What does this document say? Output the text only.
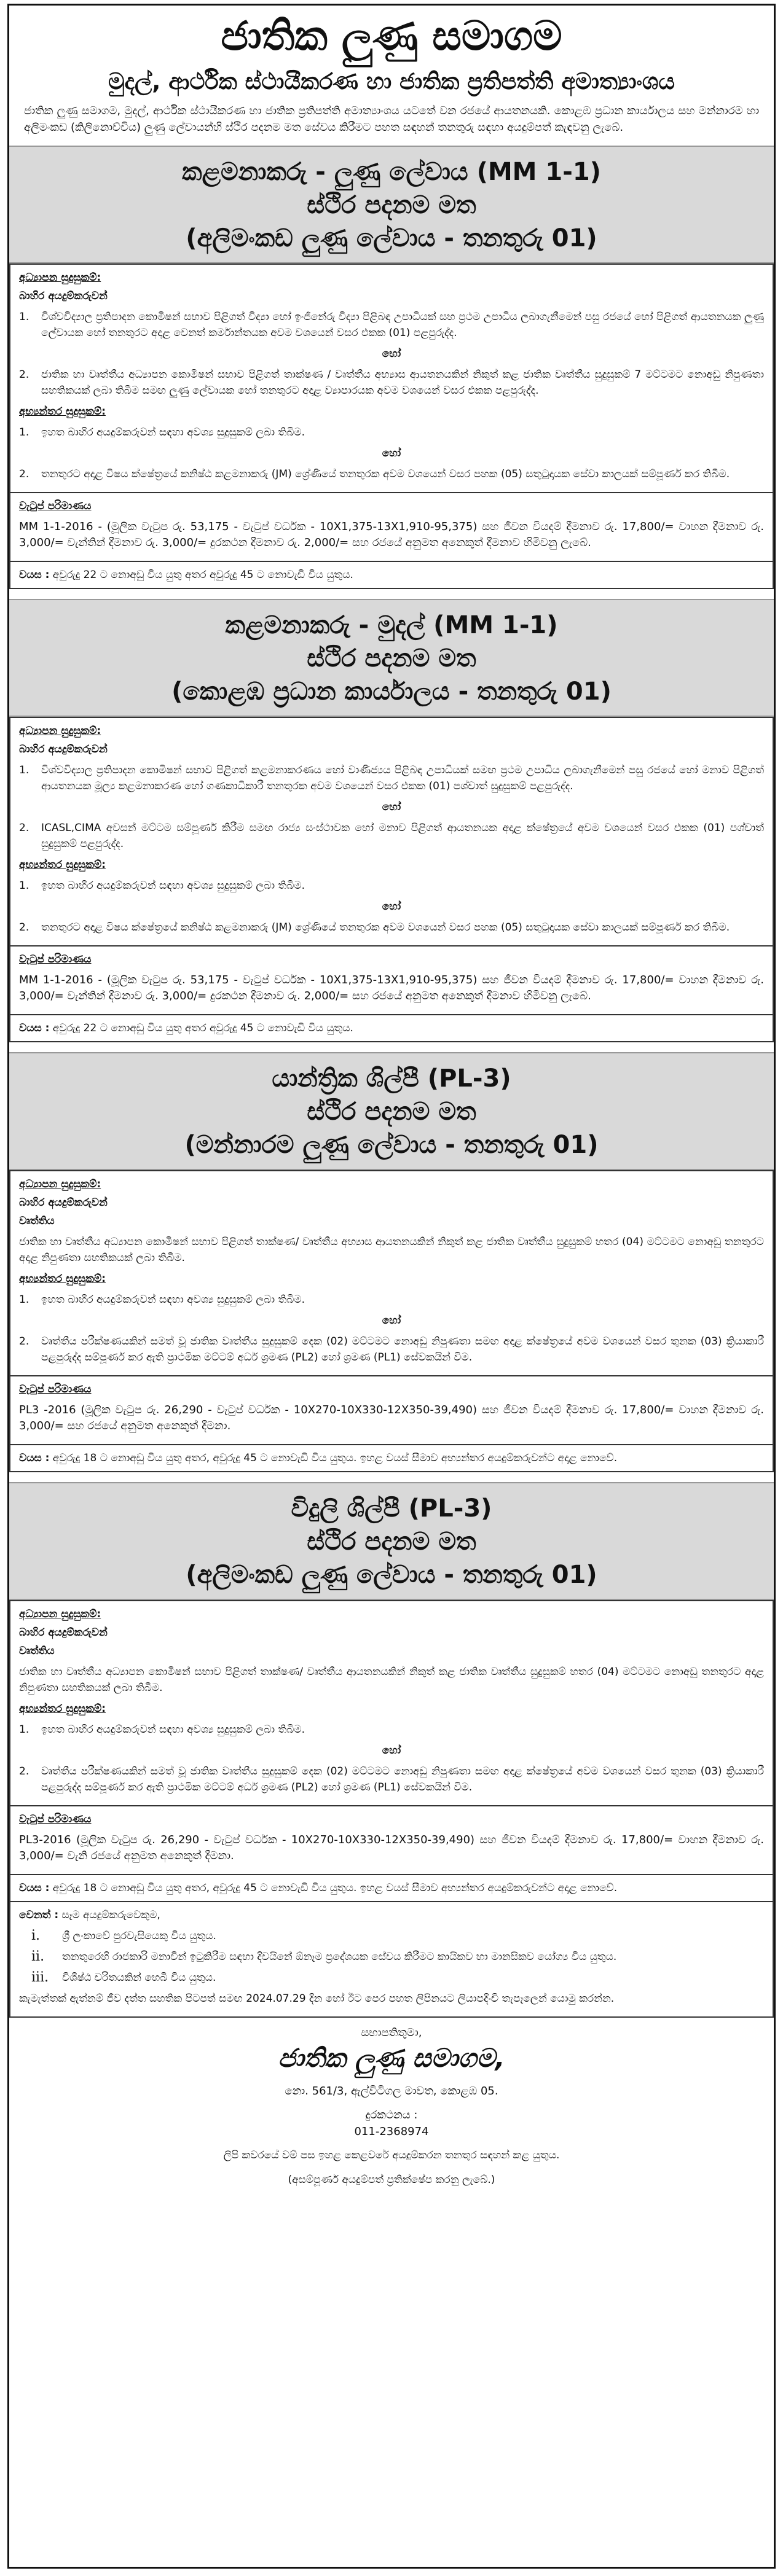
ජාතික ලුණු සමාගම
මුදල්, ආර්ථික ස්ථායීකරණ හා ජාතික ප්‍රතිපත්ති අමාත්‍යාංශය
ජාතික ලුණු සමාගම, මුදල්, ආර්ථික ස්ථායීකරණ හා ජාතික ප්‍රතිපත්ති අමාත්‍යාංශය යටතේ වන රජයේ ආයතනයකි. කොළඹ ප්‍රධාන කාර්යාලය සහ මන්නාරම හා අලිමංකඩ (කිලිනොච්චිය) ලුණු ලේවායන්හි ස්ථිර පදනම මත සේවය කිරීමට පහත සඳහන් තනතුරු සඳහා අයදුම්පත් කැඳවනු ලැබේ.
කළමනාකරු - ලුණු ලේවාය (MM 1-1)
ස්ථිර පදනම මත
(අලිමංකඩ ලුණු ලේවාය - තනතුරු 01)
අධ්‍යාපන සුදුසුකම්:
බාහිර අයදුම්කරුවන්
1.	විශ්වවිද්‍යාල ප්‍රතිපාදන කොමිෂන් සභාව පිළිගත් විද්‍යා හෝ ඉංජිනේරු විද්‍යා පිළිබඳ උපාධියක් සහ ප්‍රථම උපාධිය ලබාගැනීමෙන් පසු රජයේ හෝ පිළිගත් ආයතනයක ලුණු ලේවායක හෝ තනතුරට අදාළ වෙනත් කර්මාන්තයක අවම වශයෙන් වසර එකක (01) පළපුරුද්ද.
හෝ
2.	ජාතික හා වෘත්තීය අධ්‍යාපන කොමිෂන් සභාව පිළිගත් තාක්ෂණ / වෘත්තීය අභ්‍යාස ආයතනයකින් නිකුත් කළ ජාතික වෘත්තීය සුදුසුකම් 7 මට්ටමට නොඅඩු නිපුණතා සහතිකයක් ලබා තිබීම සමඟ ලුණු ලේවායක හෝ තනතුරට අදාළ ව්‍යාපාරයක අවම වශයෙන් වසර එකක පළපුරුද්ද.
අභ්‍යන්තර සුදුසුකම්:
1.	ඉහත බාහිර අයදුම්කරුවන් සඳහා අවශ්‍ය සුදුසුකම් ලබා තිබීම.
හෝ
2.	තනතුරට අදාළ විෂය ක්ෂේත්‍රයේ කනිෂ්ඨ කළමනාකරු (JM) ශ්‍රේණියේ තනතුරක අවම වශයෙන් වසර පහක (05) සතුටුදායක සේවා කාලයක් සම්පූර්ණ කර තිබීම.

වැටුප් පරිමාණය
MM 1-1-2016 - (මූලික වැටුප රු. 53,175 - වැටුප් වර්ධක - 10X1,375-13X1,910-95,375) සහ ජීවන වියදම් දීමනාව රු. 17,800/= වාහන දීමනාව රු. 3,000/= වැන්තින් දීමනාව රු. 3,000/= දුරකථන දීමනාව රු. 2,000/= සහ රජයේ අනුමත අනෙකුත් දීමනාව හිමිවනු ලැබේ.

වයස : අවුරුදු 22 ට නොඅඩු විය යුතු අතර අවුරුදු 45 ට නොවැඩි විය යුතුය.
කළමනාකරු - මුදල් (MM 1-1)
ස්ථිර පදනම මත
(කොළඹ ප්‍රධාන කාර්යාලය - තනතුරු 01)
අධ්‍යාපන සුදුසුකම්:
බාහිර අයදුම්කරුවන්
1.	විශ්වවිද්‍යාල ප්‍රතිපාදන කොමිෂන් සභාව පිළිගත් කළමනාකරණය හෝ වාණිජ්‍යය පිළිබඳ උපාධියක් සමඟ ප්‍රථම උපාධිය ලබාගැනීමෙන් පසු රජයේ හෝ මනාව පිළිගත් ආයතනයක මූල්‍ය කළමනාකරණ හෝ ගණකාධිකාරී තනතුරක අවම වශයෙන් වසර එකක (01) පශ්චාත් සුදුසුකම් පළපුරුද්ද.
හෝ
2.	ICASL,CIMA අවසන් මට්ටම සම්පූර්ණ කිරීම සමඟ රාජ්‍ය සංස්ථාවක හෝ මනාව පිළිගත් ආයතනයක අදාළ ක්ෂේත්‍රයේ අවම වශයෙන් වසර එකක (01) පශ්චාත් සුදුසුකම් පළපුරුද්ද.
අභ්‍යන්තර සුදුසුකම්:
1.	ඉහත බාහිර අයදුම්කරුවන් සඳහා අවශ්‍ය සුදුසුකම් ලබා තිබීම.
හෝ
2.	තනතුරට අදාළ විෂය ක්ෂේත්‍රයේ කනිෂ්ඨ කළමනාකරු (JM) ශ්‍රේණියේ තනතුරක අවම වශයෙන් වසර පහක (05) සතුටුදායක සේවා කාලයක් සම්පූර්ණ කර තිබීම.

වැටුප් පරිමාණය
MM 1-1-2016 - (මූලික වැටුප රු. 53,175 - වැටුප් වර්ධක - 10X1,375-13X1,910-95,375) සහ ජීවන වියදම් දීමනාව රු. 17,800/= වාහන දීමනාව රු. 3,000/= වැන්තින් දීමනාව රු. 3,000/= දුරකථන දීමනාව රු. 2,000/= සහ රජයේ අනුමත අනෙකුත් දීමනාව හිමිවනු ලැබේ.

වයස : අවුරුදු 22 ට නොඅඩු විය යුතු අතර අවුරුදු 45 ට නොවැඩි විය යුතුය.
යාන්ත්‍රික ශිල්පී (PL-3)
ස්ථිර පදනම මත
(මන්නාරම ලුණු ලේවාය - තනතුරු 01)
අධ්‍යාපන සුදුසුකම්:
බාහිර අයදුම්කරුවන්
වෘත්තිය
ජාතික හා වෘත්තීය අධ්‍යාපන කොමිෂන් සභාව පිළිගත් තාක්ෂණ/ වෘත්තීය අභ්‍යාස ආයතනයකින් නිකුත් කළ ජාතික වෘත්තීය සුදුසුකම් හතර (04) මට්ටමට නොඅඩු තනතුරට අදාළ නිපුණතා සහතිකයක් ලබා තිබීම.
අභ්‍යන්තර සුදුසුකම්:
1.	ඉහත බාහිර අයදුම්කරුවන් සඳහා අවශ්‍ය සුදුසුකම් ලබා තිබීම.
හෝ
2.	වෘත්තීය පරීක්ෂණයකින් සමත් වූ ජාතික වෘත්තීය සුදුසුකම් දෙක (02) මට්ටමට නොඅඩු නිපුණතා සමඟ අදාළ ක්ෂේත්‍රයේ අවම වශයෙන් වසර තුනක (03) ක්‍රියාකාරී පළපුරුද්ද සම්පූර්ණ කර ඇති ප්‍රාථමික මට්ටම් අර්ධ ශ්‍රමණ (PL2) හෝ ශ්‍රමණ (PL1) සේවකයින් විම.

වැටුප් පරිමාණය
PL3 -2016 (මූලික වැටුප රු. 26,290 - වැටුප් වර්ධක - 10X270-10X330-12X350-39,490) සහ ජීවන වියදම් දීමනාව රු. 17,800/= වාහන දීමනාව රු. 3,000/= සහ රජයේ අනුමත අනෙකුත් දීමනා.

වයස : අවුරුදු 18 ට නොඅඩු විය යුතු අතර, අවුරුදු 45 ට නොවැඩි විය යුතුය. ඉහළ වයස් සීමාව අභ්‍යන්තර අයදුම්කරුවන්ට අදාළ නොවේ.
විදුලි ශිල්පී (PL-3)
ස්ථිර පදනම මත
(අලිමංකඩ ලුණු ලේවාය - තනතුරු 01)
අධ්‍යාපන සුදුසුකම්:
බාහිර අයදුම්කරුවන්
වෘත්තිය
ජාතික හා වෘත්තීය අධ්‍යාපන කොමිෂන් සභාව පිළිගත් තාක්ෂණ/ වෘත්තීය ආයතනයකින් නිකුත් කළ ජාතික වෘත්තීය සුදුසුකම් හතර (04) මට්ටමට නොඅඩු තනතුරට අදාළ නිපුණතා සහතිකයක් ලබා තිබීම.
අභ්‍යන්තර සුදුසුකම්:
1.	ඉහත බාහිර අයදුම්කරුවන් සඳහා අවශ්‍ය සුදුසුකම් ලබා තිබීම.
හෝ
2.	වෘත්තීය පරීක්ෂණයකින් සමත් වූ ජාතික වෘත්තීය සුදුසුකම් දෙක (02) මට්ටමට නොඅඩු නිපුණතා සමඟ අදාළ ක්ෂේත්‍රයේ අවම වශයෙන් වසර තුනක (03) ක්‍රියාකාරී පළපුරුද්ද සම්පූර්ණ කර ඇති ප්‍රාථමික මට්ටම් අර්ධ ශ්‍රමණ (PL2) හෝ ශ්‍රමණ (PL1) සේවකයින් විම.

වැටුප් පරිමාණය
PL3-2016 (මූලික වැටුප රු. 26,290 - වැටුප් වර්ධක - 10X270-10X330-12X350-39,490) සහ ජීවන වියදම් දීමනාව රු. 17,800/= වාහන දීමනාව රු. 3,000/= වැනි රජයේ අනුමත අනෙකුත් දීමනා.

වයස : අවුරුදු 18 ට නොඅඩු විය යුතු අතර, අවුරුදු 45 ට නොවැඩි විය යුතුය. ඉහළ වයස් සීමාව අභ්‍යන්තර අයදුම්කරුවන්ට අදාළ නොවේ.
වෙනත් : සෑම අයදුම්කරුවෙකුම,
i.	ශ්‍රී ලංකාවේ පුරවැසියෙකු විය යුතුය.
ii.	තනතුරෙහි රාජකාරි මනාවින් ඉටුකිරීම සඳහා දිවයිනේ ඕනෑම ප්‍රදේශයක සේවය කිරීමට කායිකව හා මානසිකව යෝග්‍ය විය යුතුය.
iii. විශිෂ්ඨ චරිතයකින් හෙබි විය යුතුය.
කැමැත්තක් ඇත්නම් ජීව දත්ත සහතික පිටපත් සමඟ 2024.07.29 දින හෝ ඊට පෙර පහත ලිපිනයට ලියාපදිංචි තැපෑලෙන් යොමු කරන්න.
සභාපතිතුමා,
ජාතික ලුණු සමාගම,
නො. 561/3, ඇල්විටිගල මාවත, කොළඹ 05.
දුරකථනය :
011-2368974
ලිපි කවරයේ වම් පස ඉහළ කෙළවරේ අයදුම්කරන තනතුර සඳහන් කළ යුතුය.
(අසම්පූර්ණ අයදුම්පත් ප්‍රතික්ෂේප කරනු ලැබේ.)
